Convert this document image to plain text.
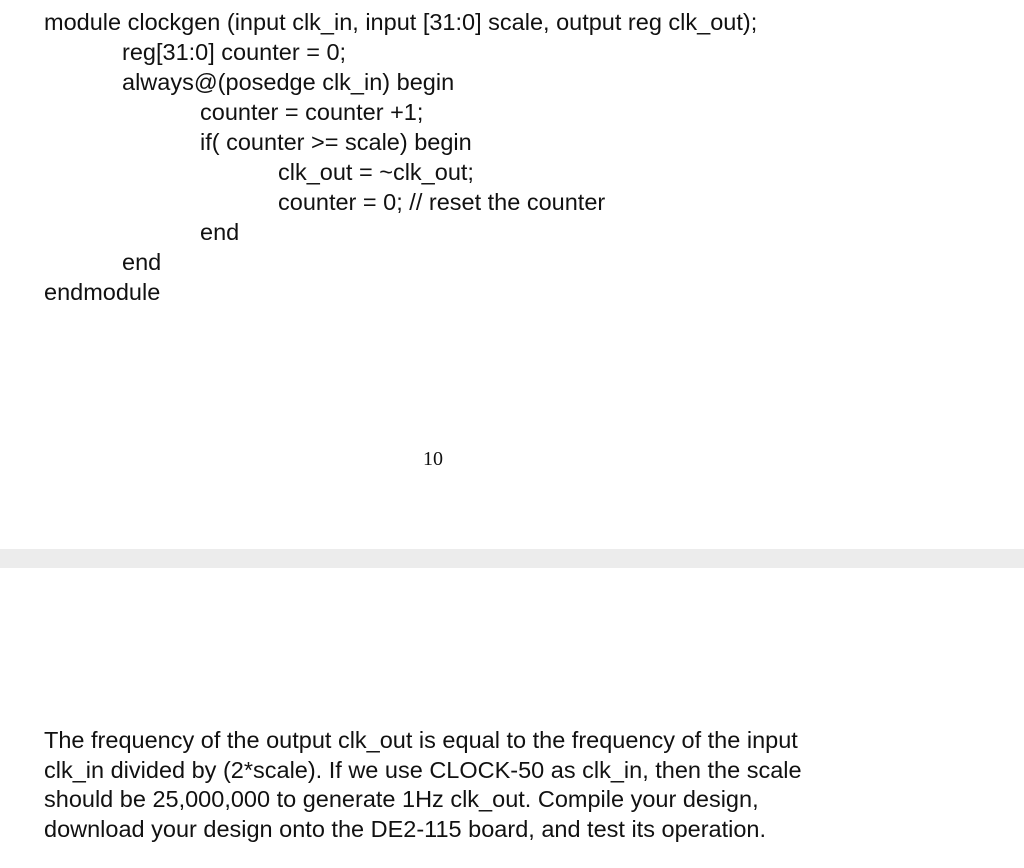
module clockgen (input clk_in, input [31:0] scale, output reg clk_out);
reg[31:0] counter = 0;
always@(posedge clk_in) begin
counter = counter +1;
if( counter >= scale) begin
clk_out = ~clk_out;
counter = 0; // reset the counter
end
end
endmodule
10
The frequency of the output clk_out is equal to the frequency of the input
clk_in divided by (2*scale). If we use CLOCK-50 as clk_in, then the scale
should be 25,000,000 to generate 1Hz clk_out. Compile your design,
download your design onto the DE2-115 board, and test its operation.
